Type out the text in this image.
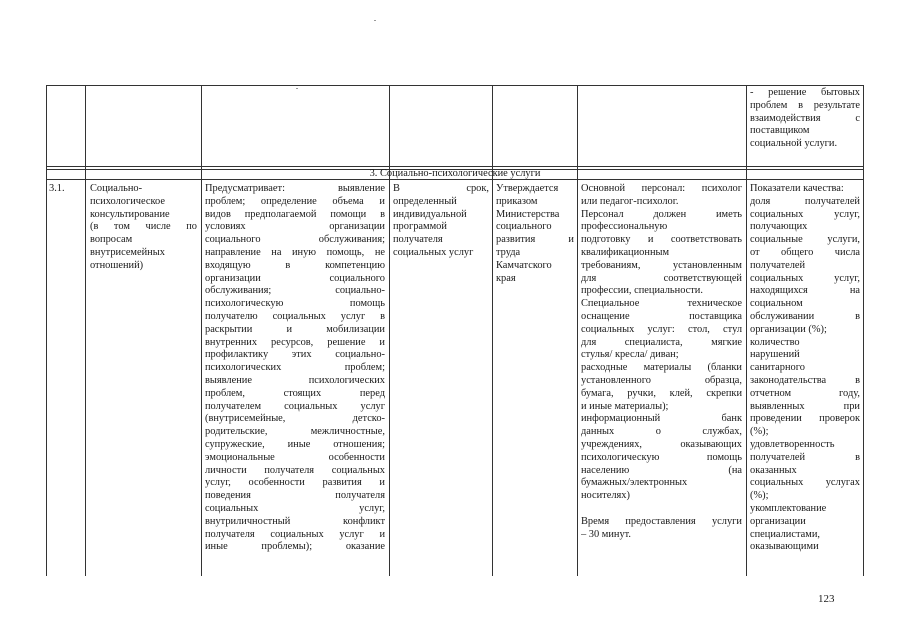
3. Социально-психологические услуги
- решение бытовых
проблем в результате
взаимодействия с
поставщиком
социальной услуги.
3.1.	Социально-
психологическое
консультирование
(в том числе по
вопросам
внутрисемейных
отношений)
Предусматривает: выявление
проблем; определение объема и
видов предполагаемой помощи в
условиях организации
социального обслуживания;
направление на иную помощь, не
входящую в компетенцию
организации социального
обслуживания; социально-
психологическую помощь
получателю социальных услуг в
раскрытии и мобилизации
внутренних ресурсов, решение и
профилактику этих социально-
психологических проблем;
выявление психологических
проблем, стоящих перед
получателем социальных услуг
(внутрисемейные, детско-
родительские, межличностные,
супружеские, иные отношения;
эмоциональные особенности
личности получателя социальных
услуг, особенности развития и
поведения получателя
социальных услуг,
внутриличностный конфликт
получателя социальных услуг и
иные проблемы); оказание
В срок,
определенный
индивидуальной
программой
получателя
социальных услуг
Утверждается
приказом
Министерства
социального
развития и
труда
Камчатского
края
Основной персонал: психолог
или педагог-психолог.
Персонал должен иметь
профессиональную
подготовку и соответствовать
квалификационным
требованиям, установленным
для соответствующей
профессии, специальности.
Специальное техническое
оснащение поставщика
социальных услуг: стол, стул
для специалиста, мягкие
стулья/ кресла/ диван;
расходные материалы (бланки
установленного образца,
бумага, ручки, клей, скрепки
и иные материалы);
информационный банк
данных о службах,
учреждениях, оказывающих
психологическую помощь
населению (на
бумажных/электронных
носителях)

Время предоставления услуги
– 30 минут.
Показатели качества:
доля получателей
социальных услуг,
получающих
социальные услуги,
от общего числа
получателей
социальных услуг,
находящихся на
социальном
обслуживании в
организации (%);
количество
нарушений
санитарного
законодательства в
отчетном году,
выявленных при
проведении проверок
(%);
удовлетворенность
получателей в
оказанных
социальных услугах
(%);
укомплектование
организации
специалистами,
оказывающими
123
